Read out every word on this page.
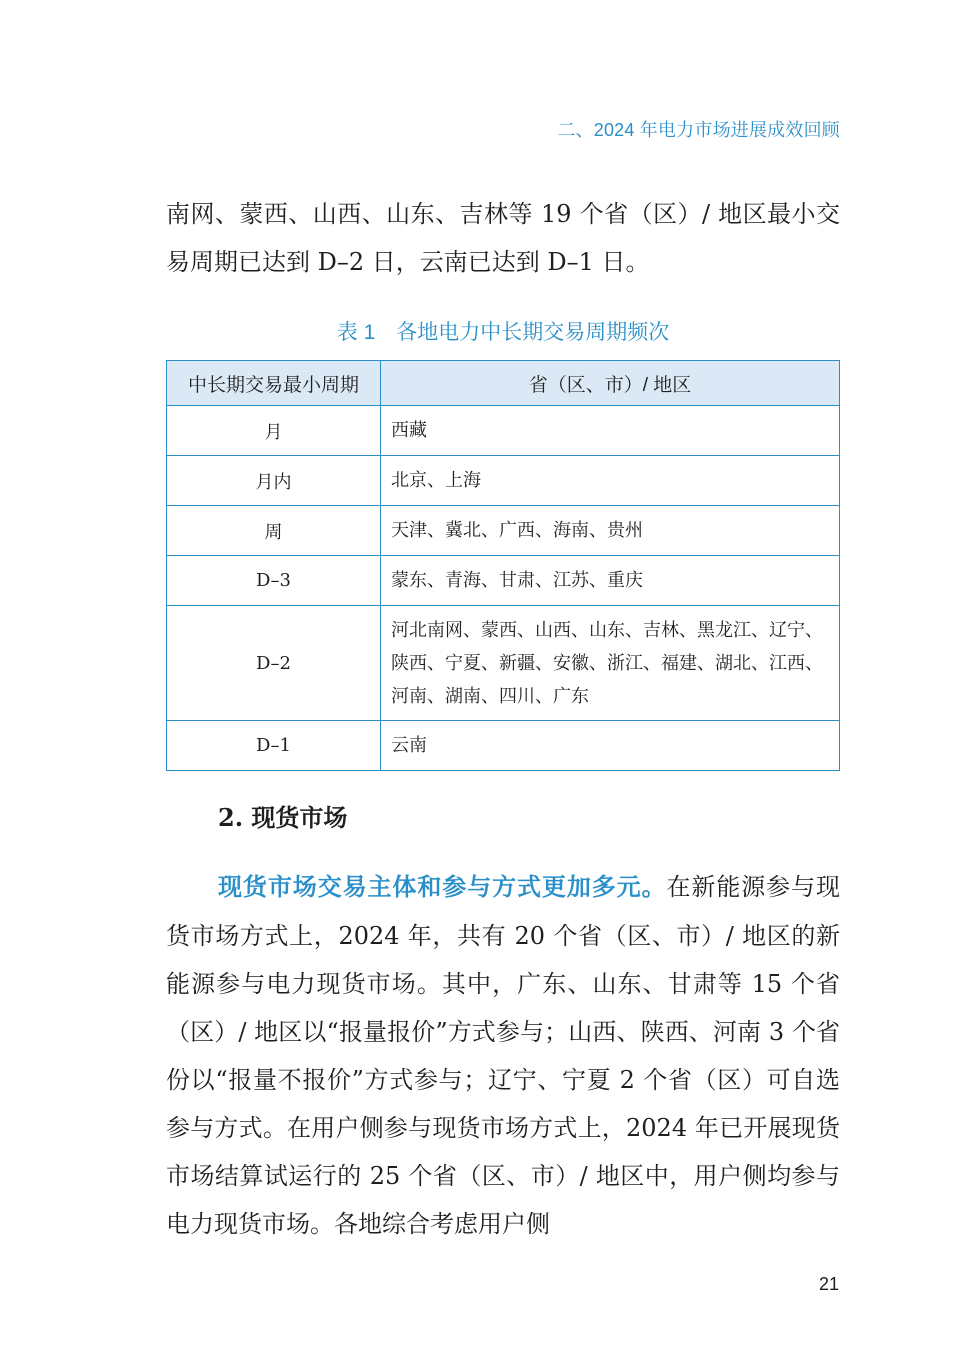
二、2024 年电力市场进展成效回顾

南网、蒙西、山西、山东、吉林等 19 个省（区）/ 地区最小交易周期已达到 D–2 日，云南已达到 D–1 日。

表 1　各地电力中长期交易周期频次
中长期交易最小周期	省（区、市）/ 地区
月	西藏
月内	北京、上海
周	天津、冀北、广西、海南、贵州
D–3	蒙东、青海、甘肃、江苏、重庆
D–2	河北南网、蒙西、山西、山东、吉林、黑龙江、辽宁、陕西、宁夏、新疆、安徽、浙江、福建、湖北、江西、河南、湖南、四川、广东
D–1	云南
2. 现货市场

现货市场交易主体和参与方式更加多元。在新能源参与现货市场方式上，2024 年，共有 20 个省（区、市）/ 地区的新能源参与电力现货市场。其中，广东、山东、甘肃等 15 个省（区）/ 地区以“报量报价”方式参与；山西、陕西、河南 3 个省份以“报量不报价”方式参与；辽宁、宁夏 2 个省（区）可自选参与方式。在用户侧参与现货市场方式上，2024 年已开展现货市场结算试运行的 25 个省（区、市）/ 地区中，用户侧均参与电力现货市场。各地综合考虑用户侧

21
